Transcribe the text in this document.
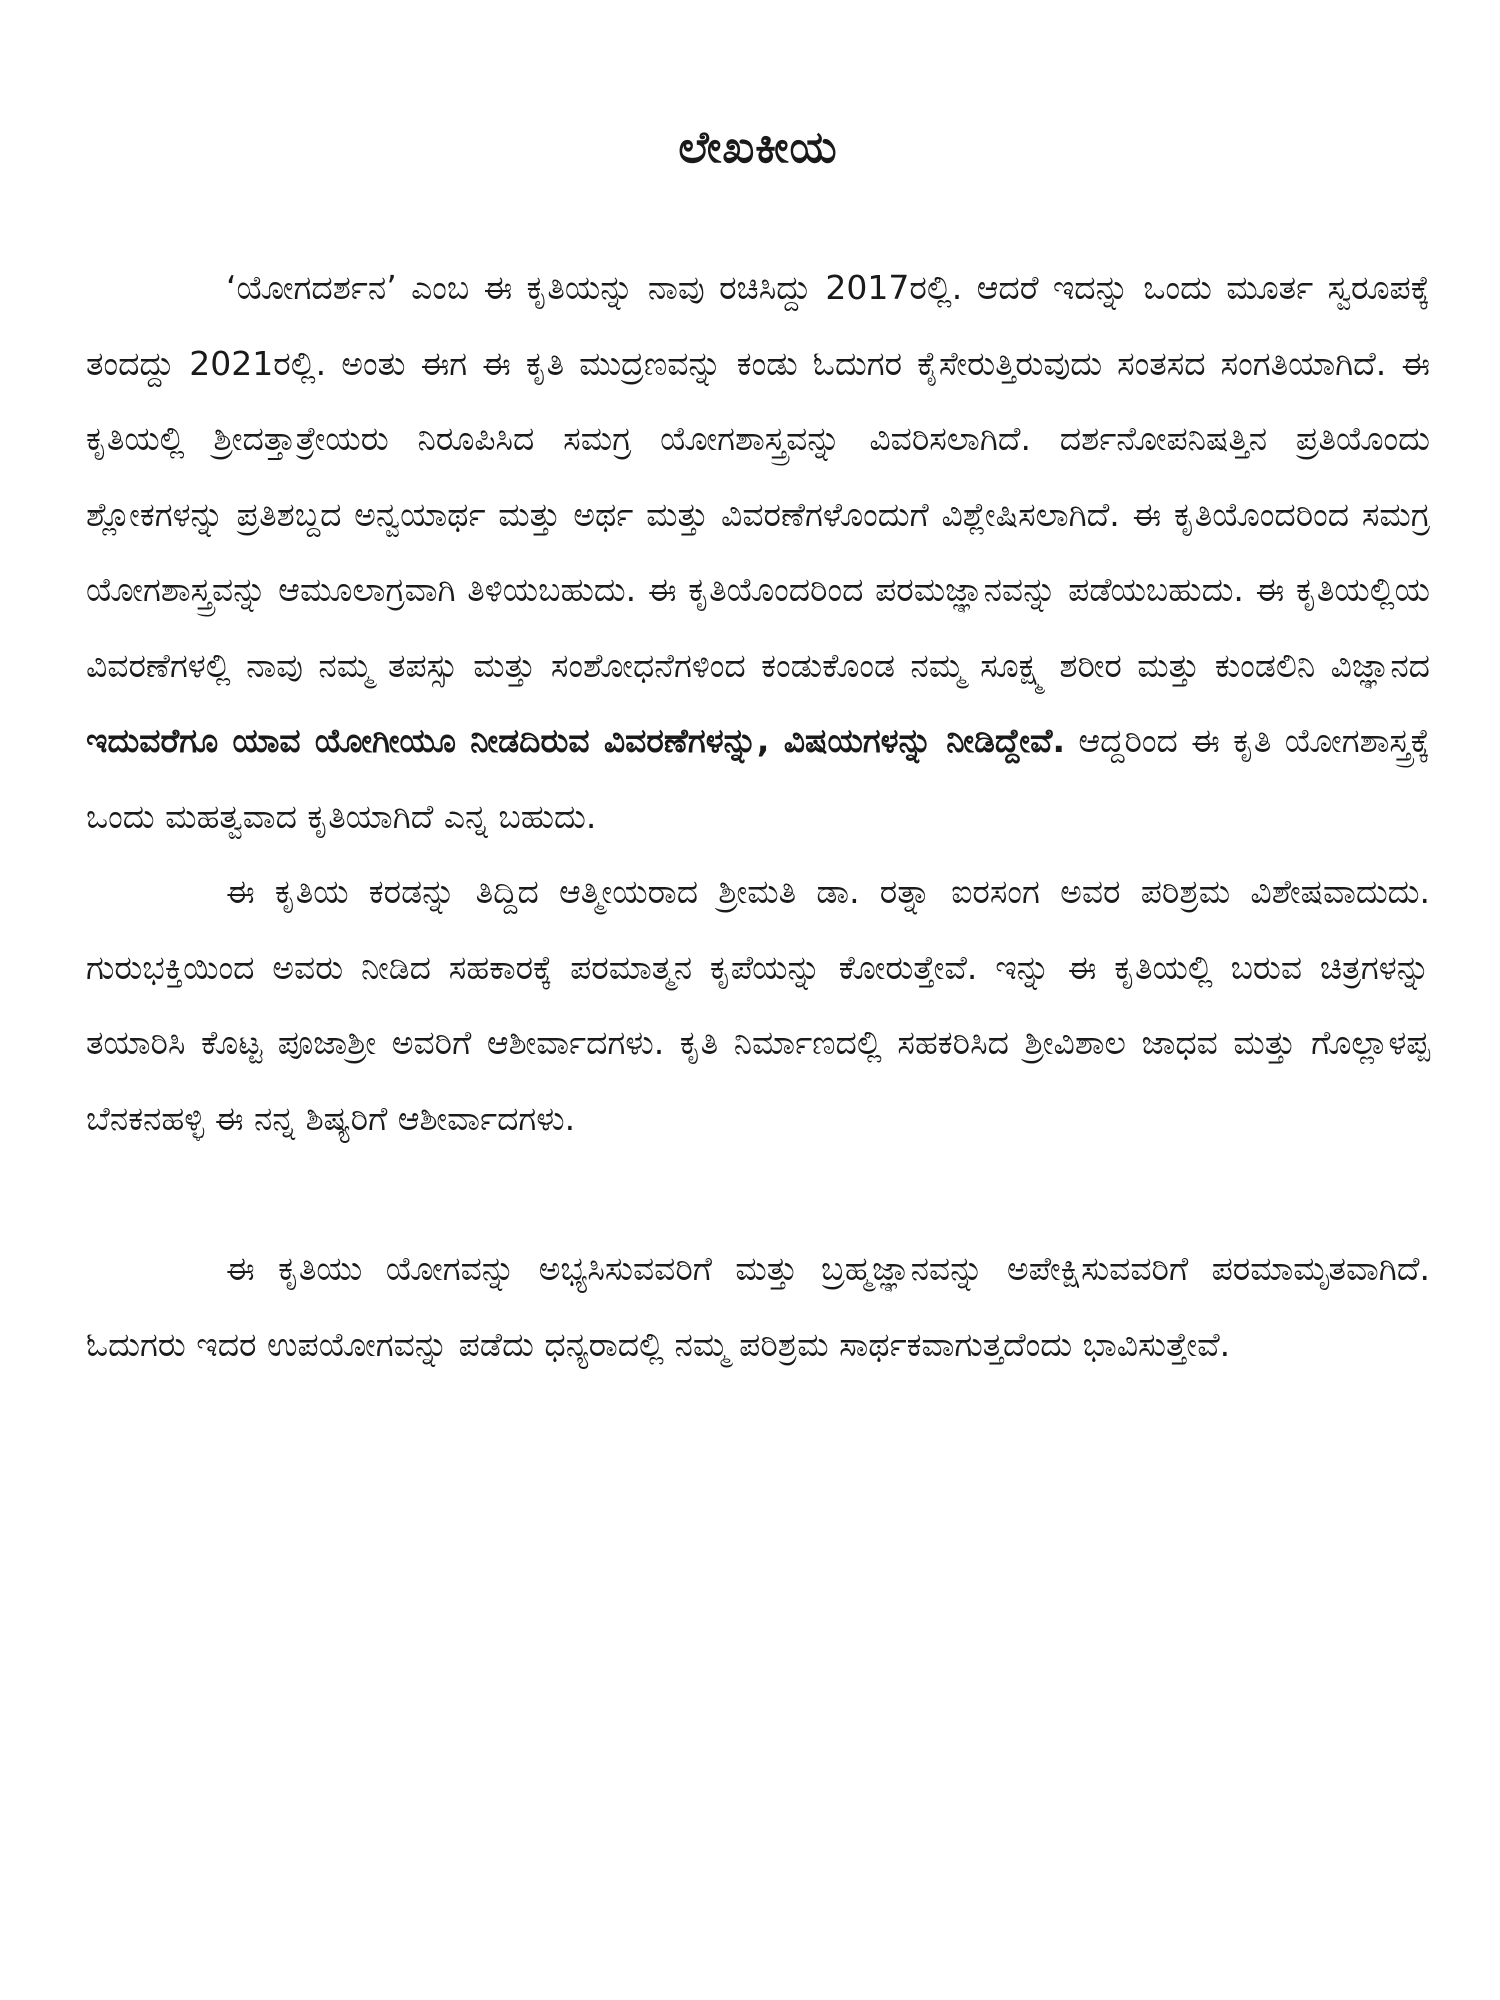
ಲೇಖಕೀಯ

‘ಯೋಗದರ್ಶನ’ ಎಂಬ ಈ ಕೃತಿಯನ್ನು ನಾವು ರಚಿಸಿದ್ದು 2017ರಲ್ಲಿ. ಆದರೆ ಇದನ್ನು ಒಂದು ಮೂರ್ತ ಸ್ವರೂಪಕ್ಕೆ ತಂದದ್ದು 2021ರಲ್ಲಿ. ಅಂತು ಈಗ ಈ ಕೃತಿ ಮುದ್ರಣವನ್ನು ಕಂಡು ಓದುಗರ ಕೈಸೇರುತ್ತಿರುವುದು ಸಂತಸದ ಸಂಗತಿಯಾಗಿದೆ. ಈ ಕೃತಿಯಲ್ಲಿ ಶ್ರೀದತ್ತಾತ್ರೇಯರು ನಿರೂಪಿಸಿದ ಸಮಗ್ರ ಯೋಗಶಾಸ್ತ್ರವನ್ನು ವಿವರಿಸಲಾಗಿದೆ. ದರ್ಶನೋಪನಿಷತ್ತಿನ ಪ್ರತಿಯೊಂದು ಶ್ಲೋಕಗಳನ್ನು ಪ್ರತಿಶಬ್ದದ ಅನ್ವಯಾರ್ಥ ಮತ್ತು ಅರ್ಥ ಮತ್ತು ವಿವರಣೆಗಳೊಂದುಗೆ ವಿಶ್ಲೇಷಿಸಲಾಗಿದೆ. ಈ ಕೃತಿಯೊಂದರಿಂದ ಸಮಗ್ರ ಯೋಗಶಾಸ್ತ್ರವನ್ನು ಆಮೂಲಾಗ್ರವಾಗಿ ತಿಳಿಯಬಹುದು. ಈ ಕೃತಿಯೊಂದರಿಂದ ಪರಮಜ್ಞಾನವನ್ನು ಪಡೆಯಬಹುದು. ಈ ಕೃತಿಯಲ್ಲಿಯ ವಿವರಣೆಗಳಲ್ಲಿ ನಾವು ನಮ್ಮ ತಪಸ್ಸು ಮತ್ತು ಸಂಶೋಧನೆಗಳಿಂದ ಕಂಡುಕೊಂಡ ನಮ್ಮ ಸೂಕ್ಷ್ಮ ಶರೀರ ಮತ್ತು ಕುಂಡಲಿನಿ ವಿಜ್ಞಾನದ ಇದುವರೆಗೂ ಯಾವ ಯೋಗೀಯೂ ನೀಡದಿರುವ ವಿವರಣೆಗಳನ್ನು, ವಿಷಯಗಳನ್ನು ನೀಡಿದ್ದೇವೆ. ಆದ್ದರಿಂದ ಈ ಕೃತಿ ಯೋಗಶಾಸ್ತ್ರಕ್ಕೆ ಒಂದು ಮಹತ್ವವಾದ ಕೃತಿಯಾಗಿದೆ ಎನ್ನ ಬಹುದು.

ಈ ಕೃತಿಯ ಕರಡನ್ನು ತಿದ್ದಿದ ಆತ್ಮೀಯರಾದ ಶ್ರೀಮತಿ ಡಾ. ರತ್ನಾ ಐರಸಂಗ ಅವರ ಪರಿಶ್ರಮ ವಿಶೇಷವಾದುದು. ಗುರುಭಕ್ತಿಯಿಂದ ಅವರು ನೀಡಿದ ಸಹಕಾರಕ್ಕೆ ಪರಮಾತ್ಮನ ಕೃಪೆಯನ್ನು ಕೋರುತ್ತೇವೆ. ಇನ್ನು ಈ ಕೃತಿಯಲ್ಲಿ ಬರುವ ಚಿತ್ರಗಳನ್ನು ತಯಾರಿಸಿ ಕೊಟ್ಟ ಪೂಜಾಶ್ರೀ ಅವರಿಗೆ ಆಶೀರ್ವಾದಗಳು. ಕೃತಿ ನಿರ್ಮಾಣದಲ್ಲಿ ಸಹಕರಿಸಿದ ಶ್ರೀವಿಶಾಲ ಜಾಧವ ಮತ್ತು ಗೊಲ್ಲಾಳಪ್ಪ ಬೆನಕನಹಳ್ಳಿ ಈ ನನ್ನ ಶಿಷ್ಯರಿಗೆ ಆಶೀರ್ವಾದಗಳು.

ಈ ಕೃತಿಯು ಯೋಗವನ್ನು ಅಭ್ಯಸಿಸುವವರಿಗೆ ಮತ್ತು ಬ್ರಹ್ಮಜ್ಞಾನವನ್ನು ಅಪೇಕ್ಷಿಸುವವರಿಗೆ ಪರಮಾಮೃತವಾಗಿದೆ. ಓದುಗರು ಇದರ ಉಪಯೋಗವನ್ನು ಪಡೆದು ಧನ್ಯರಾದಲ್ಲಿ ನಮ್ಮ ಪರಿಶ್ರಮ ಸಾರ್ಥಕವಾಗುತ್ತದೆಂದು ಭಾವಿಸುತ್ತೇವೆ.
